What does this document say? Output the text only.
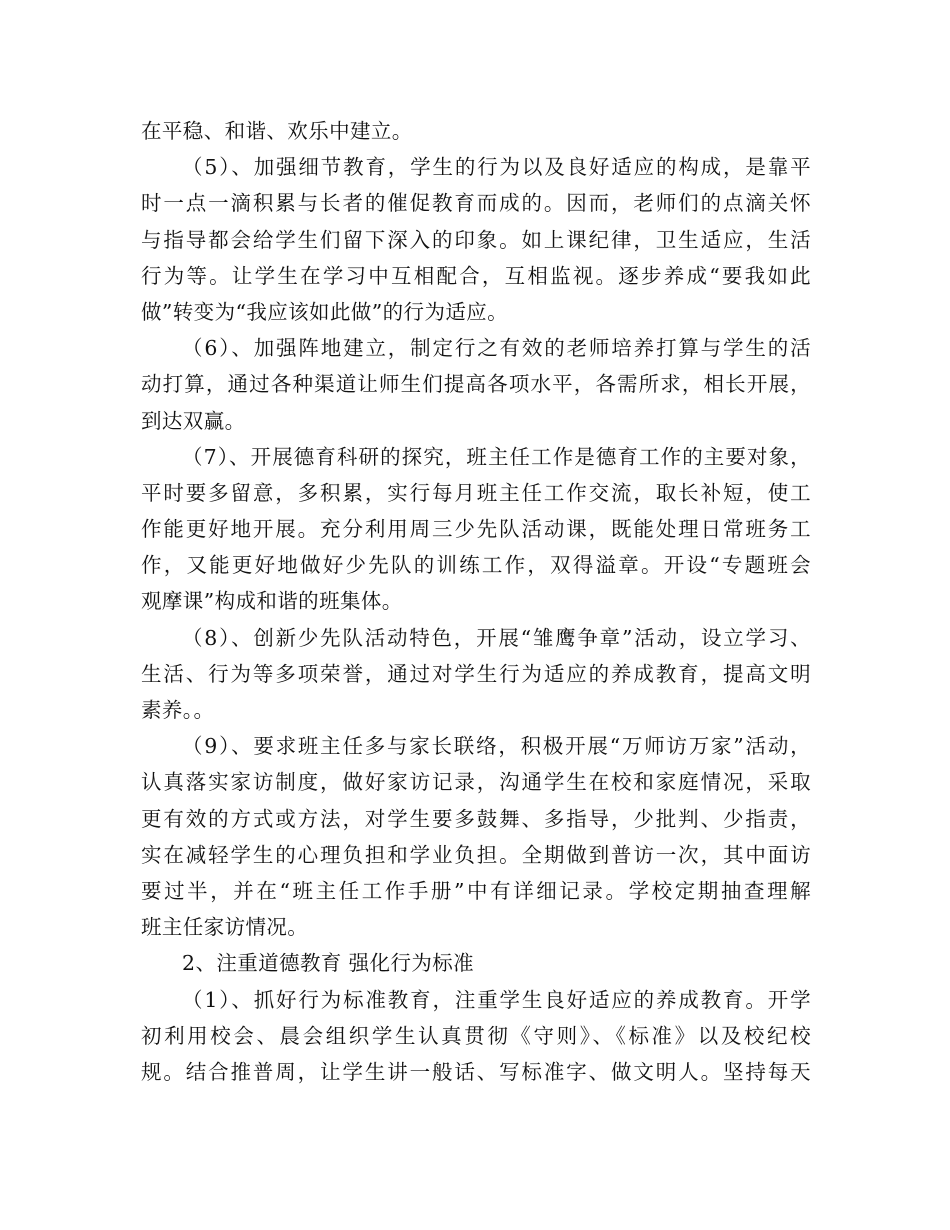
在平稳、和谐、欢乐中建立。
（5）、加强细节教育，学生的行为以及良好适应的构成，是靠平
时一点一滴积累与长者的催促教育而成的。因而，老师们的点滴关怀
与指导都会给学生们留下深入的印象。如上课纪律，卫生适应，生活
行为等。让学生在学习中互相配合，互相监视。逐步养成“要我如此
做”转变为“我应该如此做”的行为适应。
（6）、加强阵地建立，制定行之有效的老师培养打算与学生的活
动打算，通过各种渠道让师生们提高各项水平，各需所求，相长开展，
到达双赢。
（7）、开展德育科研的探究，班主任工作是德育工作的主要对象，
平时要多留意，多积累，实行每月班主任工作交流，取长补短，使工
作能更好地开展。充分利用周三少先队活动课，既能处理日常班务工
作，又能更好地做好少先队的训练工作，双得溢章。开设“专题班会
观摩课”构成和谐的班集体。
（8）、创新少先队活动特色，开展“雏鹰争章”活动，设立学习、
生活、行为等多项荣誉，通过对学生行为适应的养成教育，提高文明
素养。。
（9）、要求班主任多与家长联络，积极开展“万师访万家”活动，
认真落实家访制度，做好家访记录，沟通学生在校和家庭情况，采取
更有效的方式或方法，对学生要多鼓舞、多指导，少批判、少指责，
实在减轻学生的心理负担和学业负担。全期做到普访一次，其中面访
要过半，并在“班主任工作手册”中有详细记录。学校定期抽查理解
班主任家访情况。
2、注重道德教育 强化行为标准
（1）、抓好行为标准教育，注重学生良好适应的养成教育。开学
初利用校会、晨会组织学生认真贯彻《守则》、《标准》以及校纪校
规。结合推普周，让学生讲一般话、写标准字、做文明人。坚持每天
